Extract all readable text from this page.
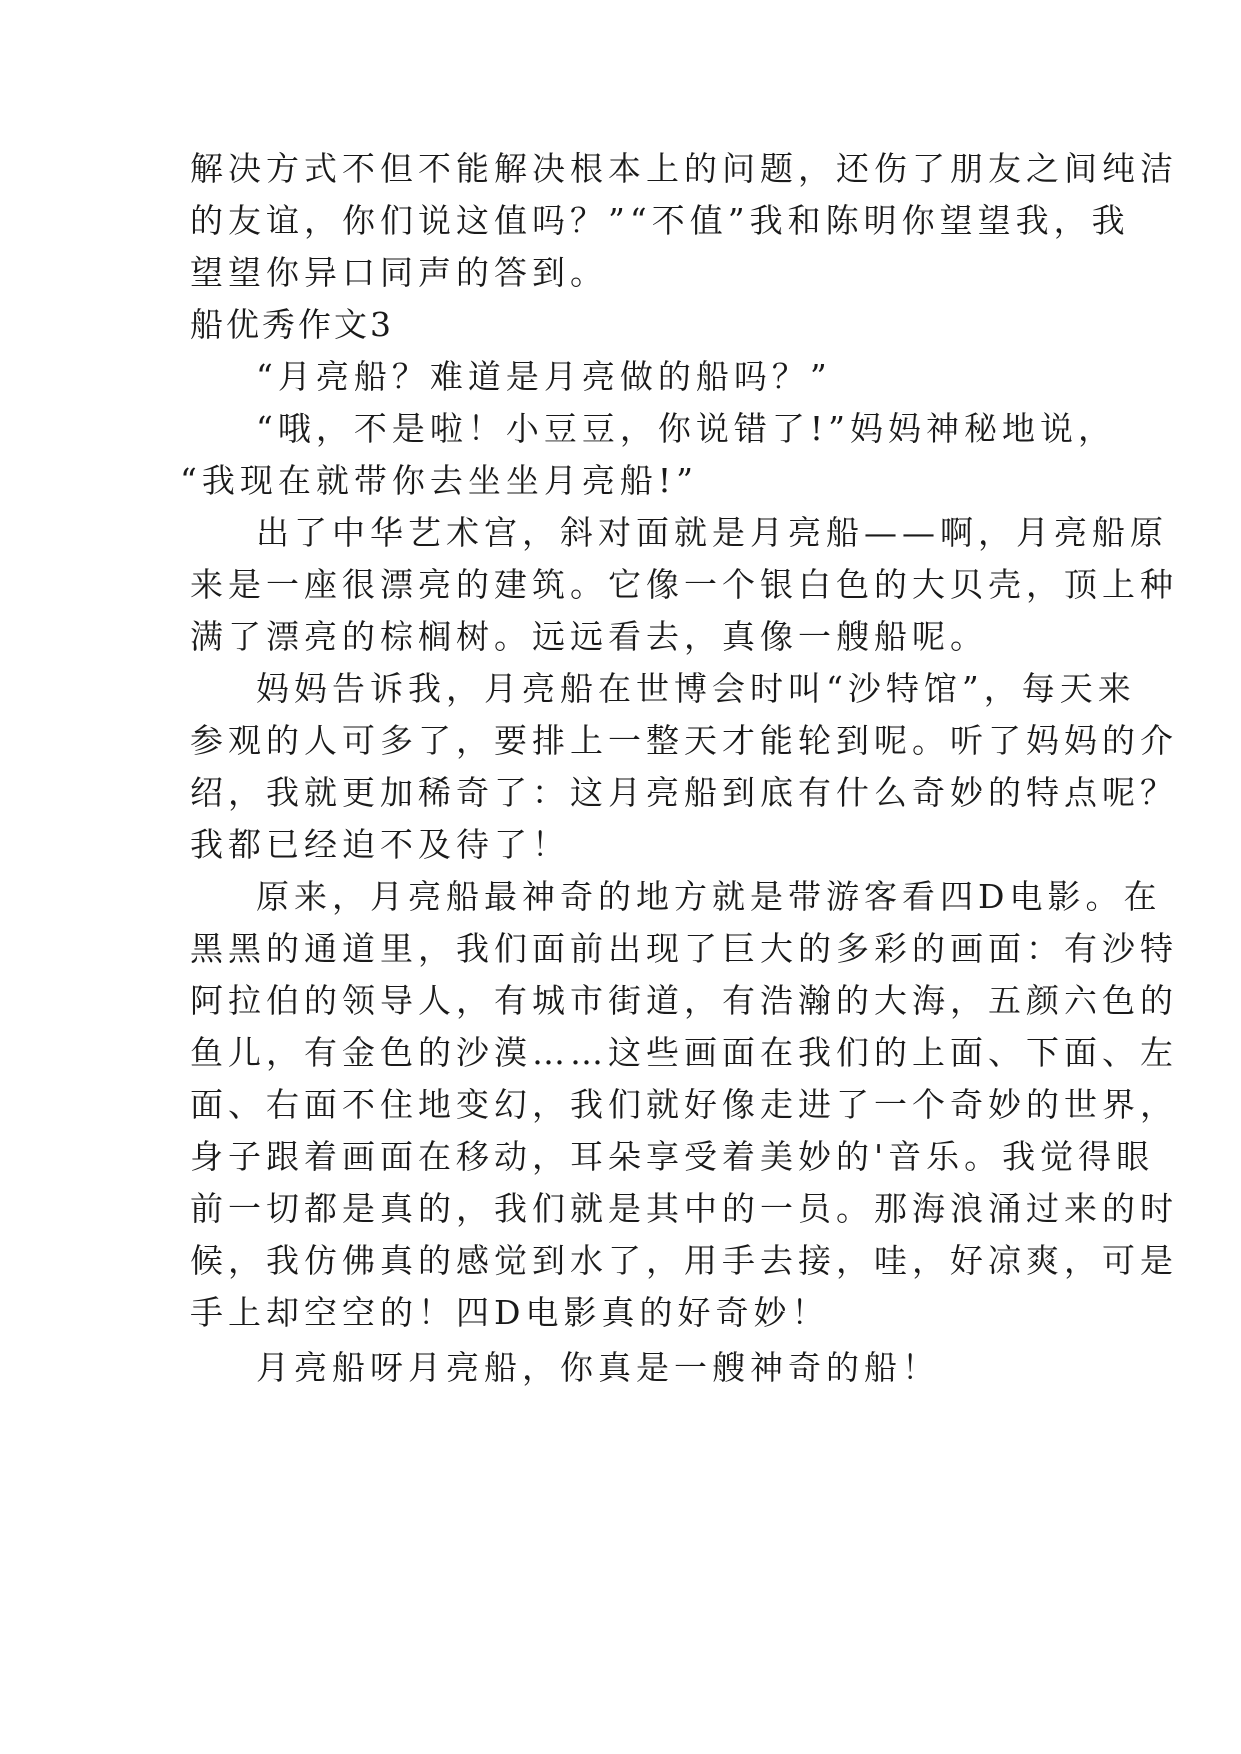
解决方式不但不能解决根本上的问题，还伤了朋友之间纯洁
的友谊，你们说这值吗？”“不值”我和陈明你望望我，我
望望你异口同声的答到。
船优秀作文3
“月亮船？难道是月亮做的船吗？”
“哦，不是啦！小豆豆，你说错了!”妈妈神秘地说，
“我现在就带你去坐坐月亮船!”
出了中华艺术宫，斜对面就是月亮船——啊，月亮船原
来是一座很漂亮的建筑。它像一个银白色的大贝壳，顶上种
满了漂亮的棕榈树。远远看去，真像一艘船呢。
妈妈告诉我，月亮船在世博会时叫“沙特馆”，每天来
参观的人可多了，要排上一整天才能轮到呢。听了妈妈的介
绍，我就更加稀奇了：这月亮船到底有什么奇妙的特点呢？
我都已经迫不及待了！
原来，月亮船最神奇的地方就是带游客看四D电影。在
黑黑的通道里，我们面前出现了巨大的多彩的画面：有沙特
阿拉伯的领导人，有城市街道，有浩瀚的大海，五颜六色的
鱼儿，有金色的沙漠……这些画面在我们的上面、下面、左
面、右面不住地变幻，我们就好像走进了一个奇妙的世界，
身子跟着画面在移动，耳朵享受着美妙的'音乐。我觉得眼
前一切都是真的，我们就是其中的一员。那海浪涌过来的时
候，我仿佛真的感觉到水了，用手去接，哇，好凉爽，可是
手上却空空的！四D电影真的好奇妙！
月亮船呀月亮船，你真是一艘神奇的船！
